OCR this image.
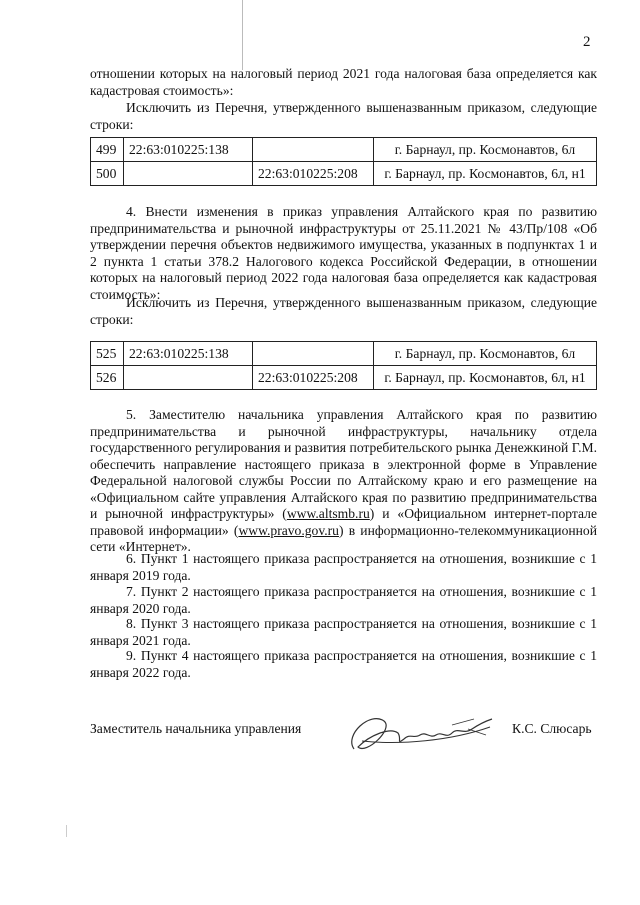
2

отношении которых на налоговый период 2021 года налоговая база определяется как кадастровая стоимость»:

Исключить из Перечня, утвержденного вышеназванным приказом, следующие строки:

499	22:63:010225:138		г. Барнаул, пр. Космонавтов, 6л
500		22:63:010225:208	г. Барнаул, пр. Космонавтов, 6л, н1

4. Внести изменения в приказ управления Алтайского края по развитию предпринимательства и рыночной инфраструктуры от 25.11.2021 № 43/Пр/108 «Об утверждении перечня объектов недвижимого имущества, указанных в подпунктах 1 и 2 пункта 1 статьи 378.2 Налогового кодекса Российской Федерации, в отношении которых на налоговый период 2022 года налоговая база определяется как кадастровая стоимость»:

Исключить из Перечня, утвержденного вышеназванным приказом, следующие строки:

525	22:63:010225:138		г. Барнаул, пр. Космонавтов, 6л
526		22:63:010225:208	г. Барнаул, пр. Космонавтов, 6л, н1

5. Заместителю начальника управления Алтайского края по развитию предпринимательства и рыночной инфраструктуры, начальнику отдела государственного регулирования и развития потребительского рынка Денежкиной Г.М. обеспечить направление настоящего приказа в электронной форме в Управление Федеральной налоговой службы России по Алтайскому краю и его размещение на «Официальном сайте управления Алтайского края по развитию предпринимательства и рыночной инфраструктуры» (www.altsmb.ru) и «Официальном интернет-портале правовой информации» (www.pravo.gov.ru) в информационно-телекоммуникационной сети «Интернет».

6. Пункт 1 настоящего приказа распространяется на отношения, возникшие с 1 января 2019 года.

7. Пункт 2 настоящего приказа распространяется на отношения, возникшие с 1 января 2020 года.

8. Пункт 3 настоящего приказа распространяется на отношения, возникшие с 1 января 2021 года.

9. Пункт 4 настоящего приказа распространяется на отношения, возникшие с 1 января 2022 года.

Заместитель начальника управления	К.С. Слюсарь
